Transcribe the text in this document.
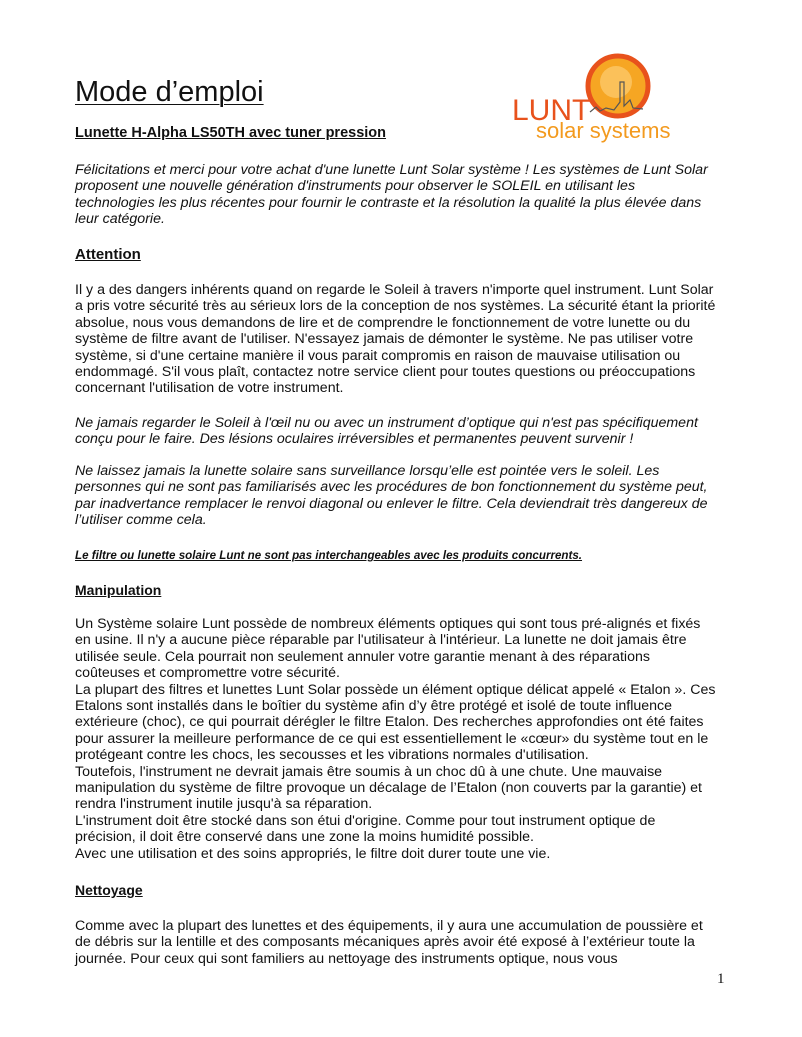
Mode d’emploi
Lunette H-Alpha LS50TH avec tuner pression
LUNT
solar systems
Félicitations et merci pour votre achat d'une lunette Lunt Solar système ! Les systèmes de Lunt Solar
proposent une nouvelle génération d'instruments pour observer le SOLEIL en utilisant les
technologies les plus récentes pour fournir le contraste et la résolution la qualité la plus élevée dans
leur catégorie.
Attention
Il y a des dangers inhérents quand on regarde le Soleil à travers n'importe quel instrument. Lunt Solar
a pris votre sécurité très au sérieux lors de la conception de nos systèmes. La sécurité étant la priorité
absolue, nous vous demandons de lire et de comprendre le fonctionnement de votre lunette ou du
système de filtre avant de l'utiliser. N'essayez jamais de démonter le système. Ne pas utiliser votre
système, si d'une certaine manière il vous parait compromis en raison de mauvaise utilisation ou
endommagé. S'il vous plaît, contactez notre service client pour toutes questions ou préoccupations
concernant l'utilisation de votre instrument.
Ne jamais regarder le Soleil à l'œil nu ou avec un instrument d’optique qui n'est pas spécifiquement
conçu pour le faire. Des lésions oculaires irréversibles et permanentes peuvent survenir !
Ne laissez jamais la lunette solaire sans surveillance lorsqu’elle est pointée vers le soleil. Les
personnes qui ne sont pas familiarisés avec les procédures de bon fonctionnement du système peut,
par inadvertance remplacer le renvoi diagonal ou enlever le filtre. Cela deviendrait très dangereux de
l’utiliser comme cela.
Le filtre ou lunette solaire Lunt ne sont pas interchangeables avec les produits concurrents.
Manipulation
Un Système solaire Lunt possède de nombreux éléments optiques qui sont tous pré-alignés et fixés
en usine. Il n'y a aucune pièce réparable par l'utilisateur à l'intérieur. La lunette ne doit jamais être
utilisée seule. Cela pourrait non seulement annuler votre garantie menant à des réparations
coûteuses et compromettre votre sécurité.
La plupart des filtres et lunettes Lunt Solar possède un élément optique délicat appelé « Etalon ». Ces
Etalons sont installés dans le boîtier du système afin d’y être protégé et isolé de toute influence
extérieure (choc), ce qui pourrait dérégler le filtre Etalon. Des recherches approfondies ont été faites
pour assurer la meilleure performance de ce qui est essentiellement le «cœur» du système tout en le
protégeant contre les chocs, les secousses et les vibrations normales d'utilisation.
Toutefois, l'instrument ne devrait jamais être soumis à un choc dû à une chute. Une mauvaise
manipulation du système de filtre provoque un décalage de l’Etalon (non couverts par la garantie) et
rendra l'instrument inutile jusqu'à sa réparation.
L'instrument doit être stocké dans son étui d'origine. Comme pour tout instrument optique de
précision, il doit être conservé dans une zone la moins humidité possible.
Avec une utilisation et des soins appropriés, le filtre doit durer toute une vie.
Nettoyage
Comme avec la plupart des lunettes et des équipements, il y aura une accumulation de poussière et
de débris sur la lentille et des composants mécaniques après avoir été exposé à l’extérieur toute la
journée. Pour ceux qui sont familiers au nettoyage des instruments optique, nous vous
1
